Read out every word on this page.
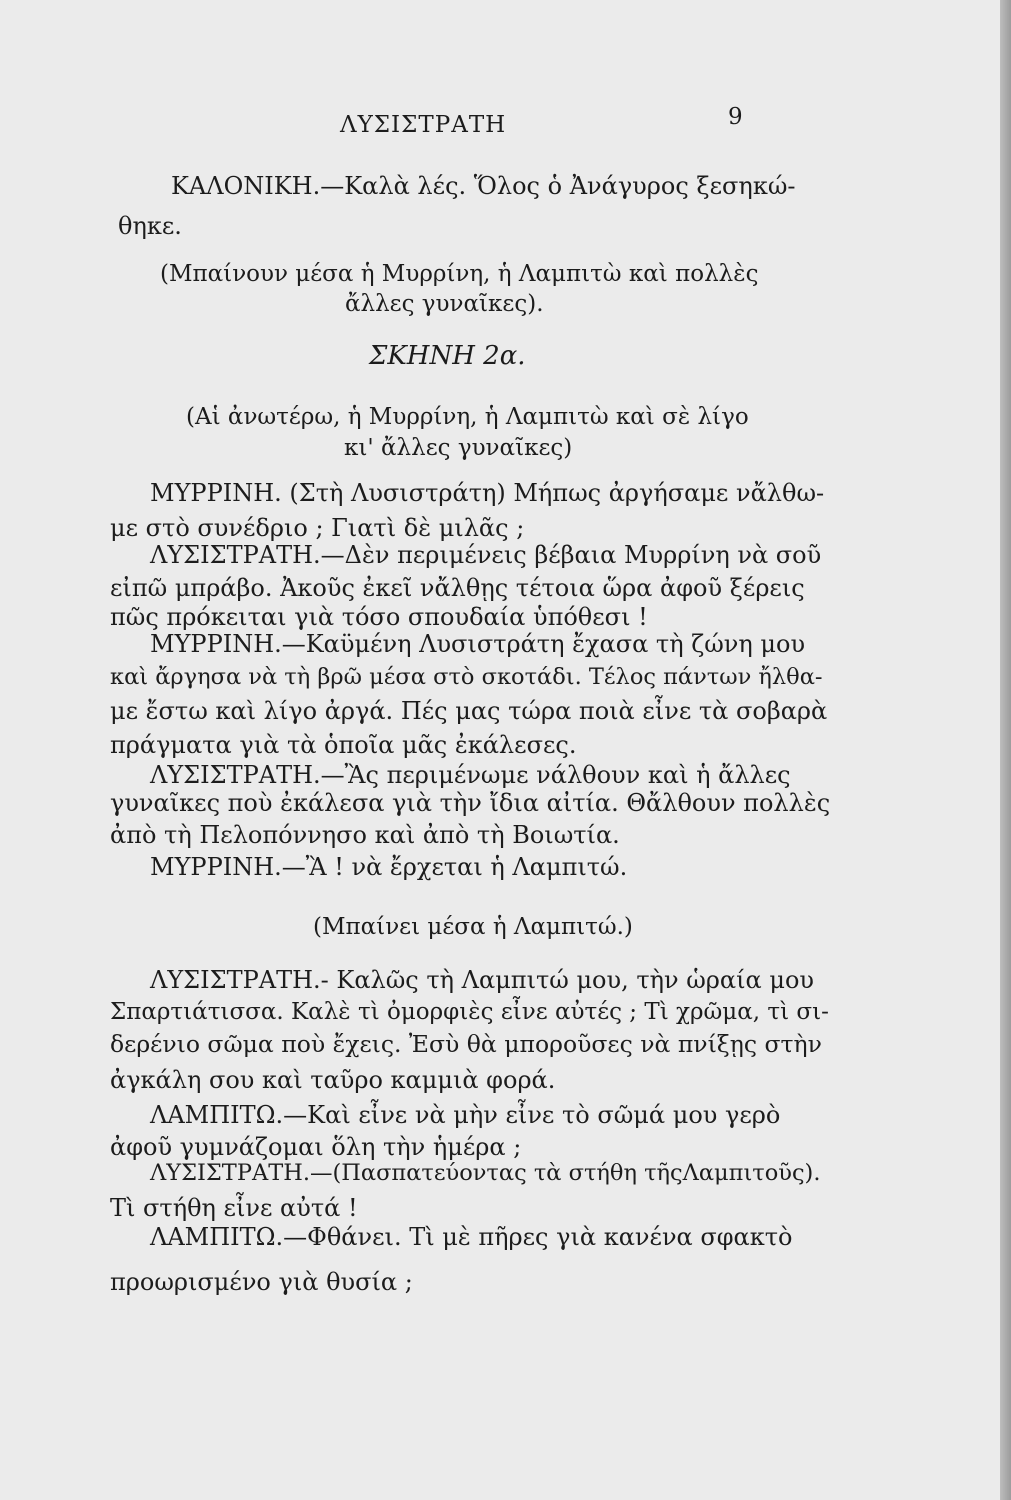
ΛΥΣΙΣΤΡΑΤΗ	9
ΚΑΛΟΝΙΚΗ.—Καλὰ λές. Ὅλος ὁ Ἀνάγυρος ξεσηκώ-
θηκε.
(Μπαίνουν μέσα ἡ Μυρρίνη, ἡ Λαμπιτὼ καὶ πολλὲς
ἄλλες γυναῖκες).
ΣΚΗΝΗ 2α.
(Αἱ ἀνωτέρω, ἡ Μυρρίνη, ἡ Λαμπιτὼ καὶ σὲ λίγο
κι' ἄλλες γυναῖκες)
ΜΥΡΡΙΝΗ. (Στὴ Λυσιστράτη) Μήπως ἀργήσαμε νἄλθω-
με στὸ συνέδριο ; Γιατὶ δὲ μιλᾶς ;
ΛΥΣΙΣΤΡΑΤΗ.—Δὲν περιμένεις βέβαια Μυρρίνη νὰ σοῦ
εἰπῶ μπράβο. Ἀκοῦς ἐκεῖ νἄλθῃς τέτοια ὥρα ἀφοῦ ξέρεις
πῶς πρόκειται γιὰ τόσο σπουδαία ὑπόθεσι !
ΜΥΡΡΙΝΗ.—Καϋμένη Λυσιστράτη ἔχασα τὴ ζώνη μου
καὶ ἄργησα νὰ τὴ βρῶ μέσα στὸ σκοτάδι. Τέλος πάντων ἤλθα-
με ἔστω καὶ λίγο ἀργά. Πές μας τώρα ποιὰ εἶνε τὰ σοβαρὰ
πράγματα γιὰ τὰ ὁποῖα μᾶς ἐκάλεσες.
ΛΥΣΙΣΤΡΑΤΗ.—Ἂς περιμένωμε νάλθουν καὶ ἡ ἄλλες
γυναῖκες ποὺ ἐκάλεσα γιὰ τὴν ἴδια αἰτία. Θἄλθουν πολλὲς
ἀπὸ τὴ Πελοπόννησο καὶ ἀπὸ τὴ Βοιωτία.
ΜΥΡΡΙΝΗ.—Ἂ ! νὰ ἔρχεται ἡ Λαμπιτώ.
(Μπαίνει μέσα ἡ Λαμπιτώ.)
ΛΥΣΙΣΤΡΑΤΗ.- Καλῶς τὴ Λαμπιτώ μου, τὴν ὡραία μου
Σπαρτιάτισσα. Καλὲ τὶ ὀμορφιὲς εἶνε αὐτές ; Τὶ χρῶμα, τὶ σι-
δερένιο σῶμα ποὺ ἔχεις. Ἐσὺ θὰ μποροῦσες νὰ πνίξῃς στὴν
ἀγκάλη σου καὶ ταῦρο καμμιὰ φορά.
ΛΑΜΠΙΤΩ.—Καὶ εἶνε νὰ μὴν εἶνε τὸ σῶμά μου γερὸ
ἀφοῦ γυμνάζομαι ὅλη τὴν ἡμέρα ;
ΛΥΣΙΣΤΡΑΤΗ.—(Πασπατεύοντας τὰ στήθη τῆςΛαμπιτοῦς).
Τὶ στήθη εἶνε αὐτά !
ΛΑΜΠΙΤΩ.—Φθάνει. Τὶ μὲ πῆρες γιὰ κανένα σφακτὸ
προωρισμένο γιὰ θυσία ;
